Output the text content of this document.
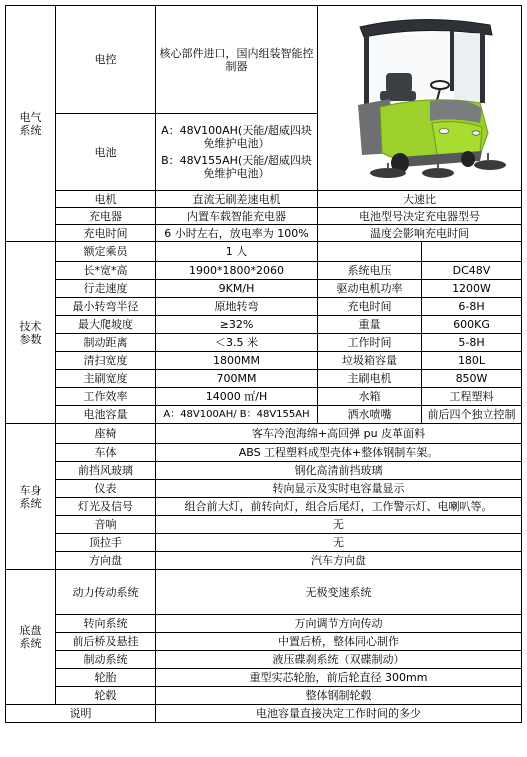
电气
系统	电控	核心部件进口，国内组装智能控制器	

	电池	A：48V100AH(天能/超威四块免维护电池）
B：48V155AH(天能/超威四块免维护电池）		

	电机	直流无刷差速电机	大速比	
	充电器	内置车载智能充电器	电池型号决定充电器型号	
	充电时间	6 小时左右，放电率为 100%	温度会影响充电时间	

技术
参数	额定乘员	1 人		
	长*宽*高	1900*1800*2060	系统电压	DC48V
	行走速度	9KM/H	驱动电机功率	1200W
	最小转弯半径	原地转弯	充电时间	6-8H
	最大爬坡度	≥32%	重量	600KG
	制动距离	＜3.5 米	工作时间	5-8H
	清扫宽度	1800MM	垃圾箱容量	180L
	主刷宽度	700MM	主刷电机	850W
	工作效率	14000 ㎡/H	水箱	工程塑料
	电池容量	A：48V100AH/ B：48V155AH	洒水喷嘴	前后四个独立控制

车身
系统	座椅	客车冷泡海绵+高回弹 pu 皮革面料		
	车体	ABS 工程塑料成型壳体+整体钢制车架。		
	前挡风玻璃	钢化高清前挡玻璃		
	仪表	转向显示及实时电容量显示		
	灯光及信号	组合前大灯，前转向灯，组合后尾灯，工作警示灯、电喇叭等。		
	音响	无		
	顶拉手	无		
	方向盘	汽车方向盘		

底盘
系统	动力传动系统	无极变速系统		
	转向系统	万向调节方向传动		
	前后桥及悬挂	中置后桥，整体同心制作		
	制动系统	液压碟刹系统（双碟制动）		
	轮胎	重型实芯轮胎，前后轮直径 300mm		
	轮毂	整体钢制轮毂		
说明		电池容量直接决定工作时间的多少		
